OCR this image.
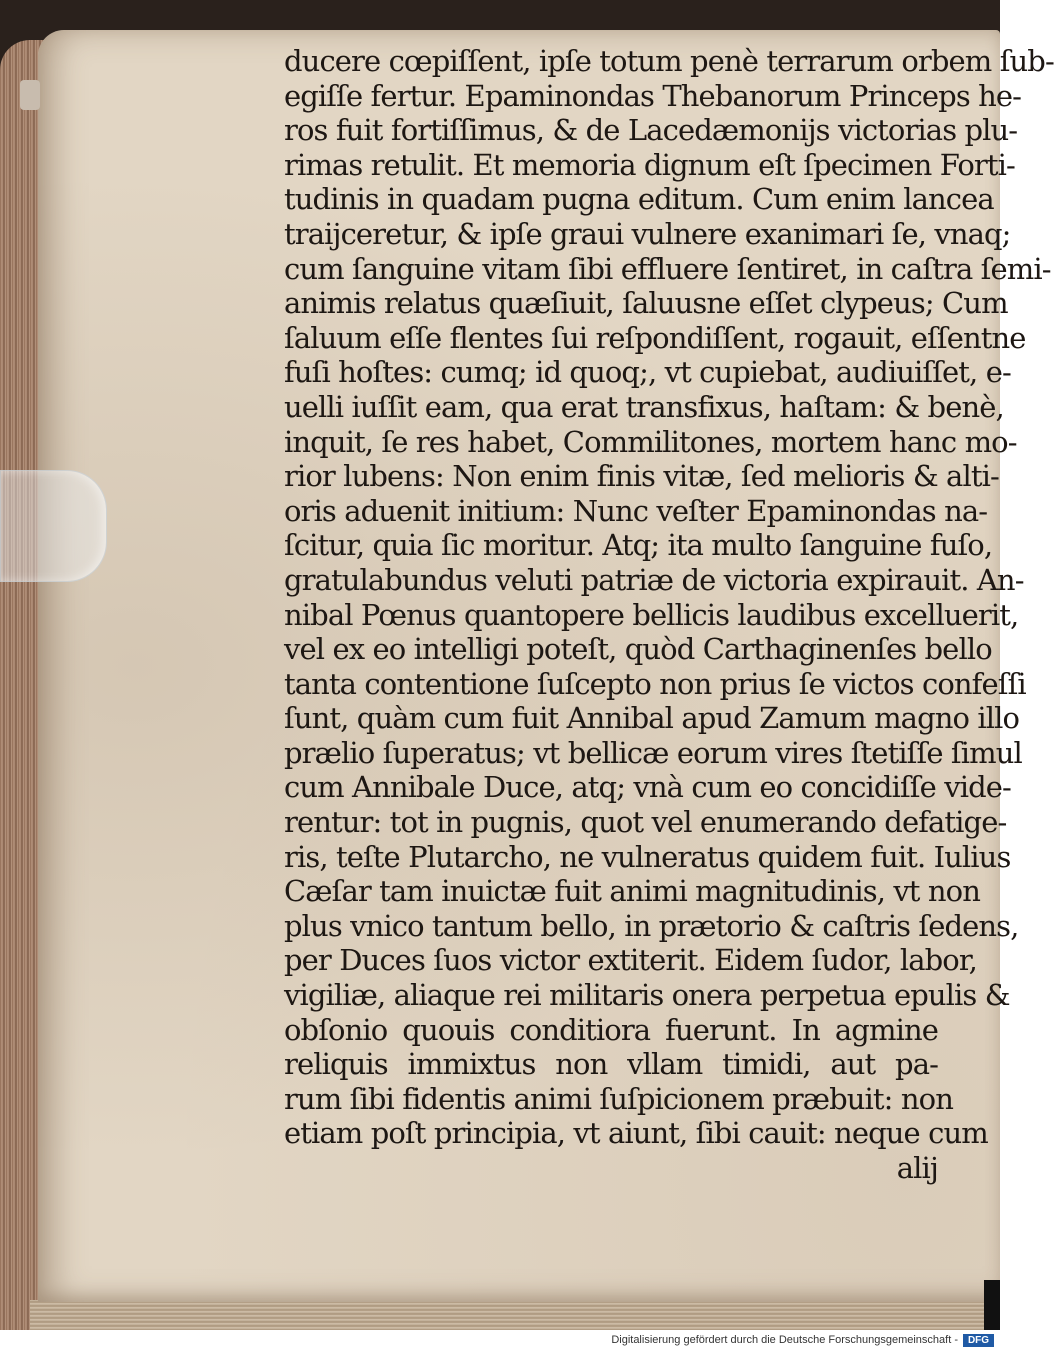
ducere cœpiſſent, ipſe totum penè terrarum orbem ſub-
egiſſe fertur. Epaminondas Thebanorum Princeps he-
ros fuit fortiſſimus, & de Lacedæmonijs victorias plu-
rimas retulit. Et memoria dignum eſt ſpecimen Forti-
tudinis in quadam pugna editum. Cum enim lancea
traijceretur, & ipſe graui vulnere exanimari ſe, vnaq;
cum ſanguine vitam ſibi effluere ſentiret, in caſtra ſemi-
animis relatus quæſiuit, ſaluusne eſſet clypeus; Cum
ſaluum eſſe flentes ſui reſpondiſſent, rogauit, eſſentne
fuſi hoſtes: cumq; id quoq;, vt cupiebat, audiuiſſet, e-
uelli iuſſit eam, qua erat transfixus, haſtam: & benè,
inquit, ſe res habet, Commilitones, mortem hanc mo-
rior lubens: Non enim finis vitæ, ſed melioris & alti-
oris aduenit initium: Nunc veſter Epaminondas na-
ſcitur, quia ſic moritur. Atq; ita multo ſanguine fuſo,
gratulabundus veluti patriæ de victoria expirauit. An-
nibal Pœnus quantopere bellicis laudibus excelluerit,
vel ex eo intelligi poteſt, quòd Carthaginenſes bello
tanta contentione ſuſcepto non prius ſe victos confeſſi
ſunt, quàm cum fuit Annibal apud Zamum magno illo
prælio ſuperatus; vt bellicæ eorum vires ſtetiſſe ſimul
cum Annibale Duce, atq; vnà cum eo concidiſſe vide-
rentur: tot in pugnis, quot vel enumerando defatige-
ris, teſte Plutarcho, ne vulneratus quidem fuit. Iulius
Cæſar tam inuictæ fuit animi magnitudinis, vt non
plus vnico tantum bello, in prætorio & caſtris ſedens,
per Duces ſuos victor extiterit. Eidem ſudor, labor,
vigiliæ, aliaque rei militaris onera perpetua epulis &
obſonio quouis conditiora fuerunt. In agmine
reliquis immixtus non vllam timidi, aut pa-
rum ſibi fidentis animi ſuſpicionem præbuit: non
etiam poſt principia, vt aiunt, ſibi cauit: neque cum
alij
Digitalisierung gefördert durch die Deutsche Forschungsgemeinschaft - DFG
